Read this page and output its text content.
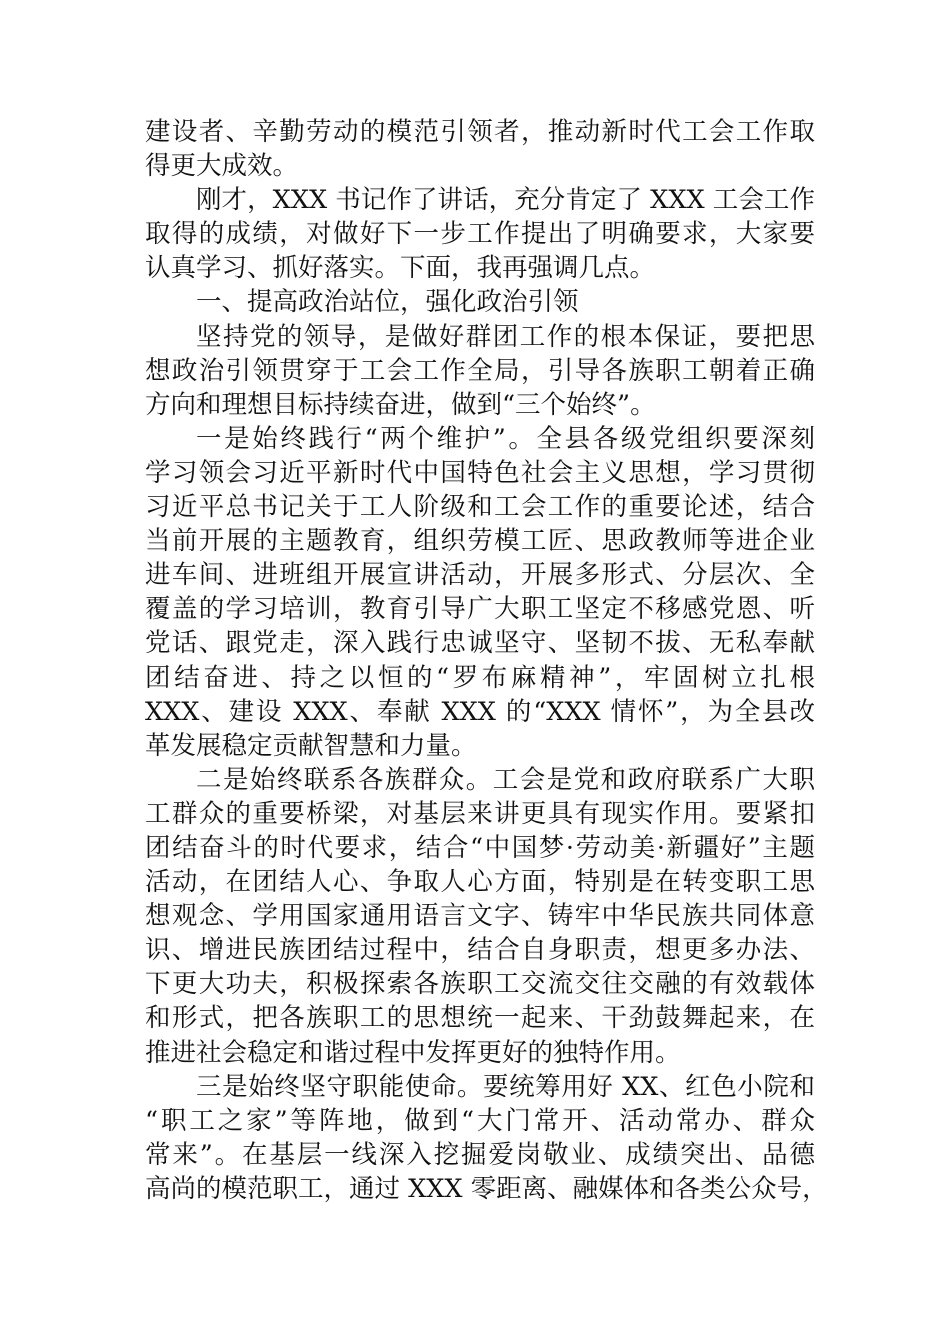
建设者、辛勤劳动的模范引领者，推动新时代工会工作取
得更大成效。
刚才，XXX 书记作了讲话，充分肯定了 XXX 工会工作
取得的成绩，对做好下一步工作提出了明确要求，大家要
认真学习、抓好落实。下面，我再强调几点。
一、提高政治站位，强化政治引领
坚持党的领导，是做好群团工作的根本保证，要把思
想政治引领贯穿于工会工作全局，引导各族职工朝着正确
方向和理想目标持续奋进，做到“三个始终”。
一是始终践行“两个维护”。全县各级党组织要深刻
学习领会习近平新时代中国特色社会主义思想，学习贯彻
习近平总书记关于工人阶级和工会工作的重要论述，结合
当前开展的主题教育，组织劳模工匠、思政教师等进企业
进车间、进班组开展宣讲活动，开展多形式、分层次、全
覆盖的学习培训，教育引导广大职工坚定不移感党恩、听
党话、跟党走，深入践行忠诚坚守、坚韧不拔、无私奉献
团结奋进、持之以恒的“罗布麻精神”，牢固树立扎根
XXX、建设 XXX、奉献 XXX 的“XXX 情怀”，为全县改
革发展稳定贡献智慧和力量。
二是始终联系各族群众。工会是党和政府联系广大职
工群众的重要桥梁，对基层来讲更具有现实作用。要紧扣
团结奋斗的时代要求，结合“中国梦·劳动美·新疆好”主题
活动，在团结人心、争取人心方面，特别是在转变职工思
想观念、学用国家通用语言文字、铸牢中华民族共同体意
识、增进民族团结过程中，结合自身职责，想更多办法、
下更大功夫，积极探索各族职工交流交往交融的有效载体
和形式，把各族职工的思想统一起来、干劲鼓舞起来，在
推进社会稳定和谐过程中发挥更好的独特作用。
三是始终坚守职能使命。要统筹用好 XX、红色小院和
“职工之家”等阵地，做到“大门常开、活动常办、群众
常来”。在基层一线深入挖掘爱岗敬业、成绩突出、品德
高尚的模范职工，通过 XXX 零距离、融媒体和各类公众号，
